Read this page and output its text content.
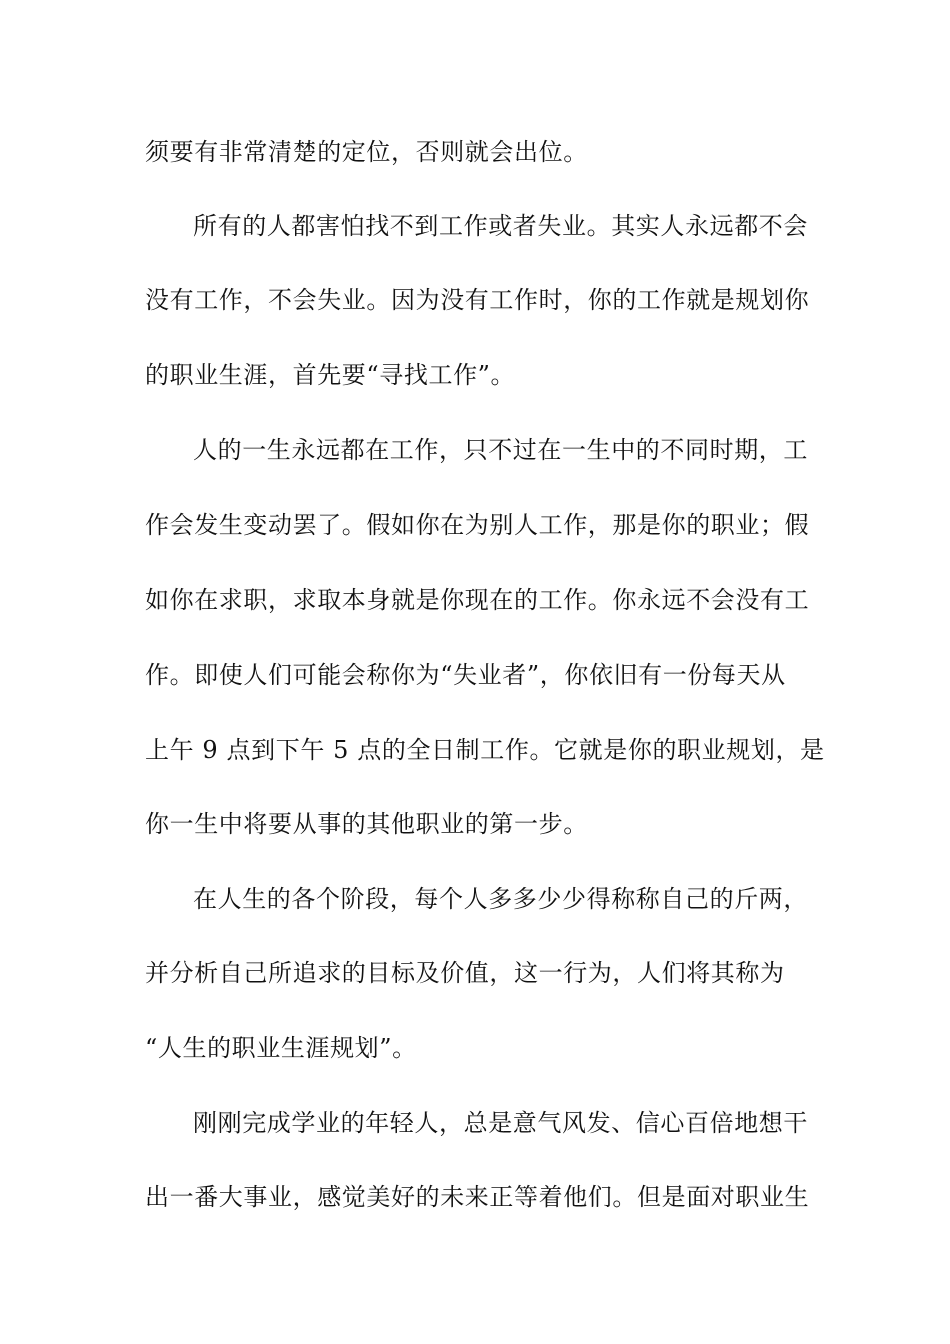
须要有非常清楚的定位，否则就会出位。
所有的人都害怕找不到工作或者失业。其实人永远都不会
没有工作，不会失业。因为没有工作时，你的工作就是规划你
的职业生涯，首先要“寻找工作”。
人的一生永远都在工作，只不过在一生中的不同时期，工
作会发生变动罢了。假如你在为别人工作，那是你的职业；假
如你在求职，求取本身就是你现在的工作。你永远不会没有工
作。即使人们可能会称你为“失业者”，你依旧有一份每天从
上午 9 点到下午 5 点的全日制工作。它就是你的职业规划，是
你一生中将要从事的其他职业的第一步。
在人生的各个阶段，每个人多多少少得称称自己的斤两，
并分析自己所追求的目标及价值，这一行为，人们将其称为
“人生的职业生涯规划”。
刚刚完成学业的年轻人，总是意气风发、信心百倍地想干
出一番大事业，感觉美好的未来正等着他们。但是面对职业生
